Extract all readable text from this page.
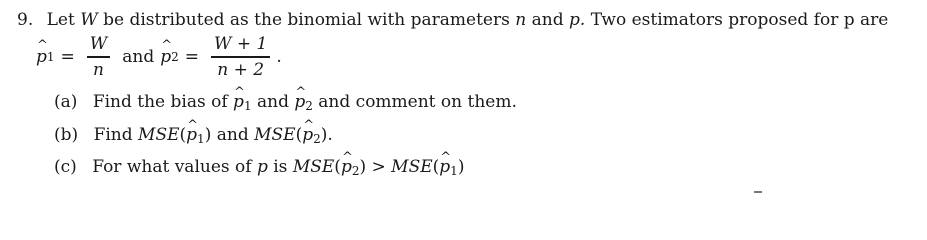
9. Let W be distributed as the binomial with parameters n and p. Two estimators proposed for p are
^ p $1 = \frac{W}{n}$ and ^ p $2 = \frac{W + 1}{n + 2}$ .
(a) Find the bias of ^ $p_1$ and ^ $p_2$ and comment on them.
(b) Find MSE(^ $p_1$) and MSE(^ $p_2$).
(c) For what values of p is MSE(^ $p_2$) > MSE(^ $p_1$)
